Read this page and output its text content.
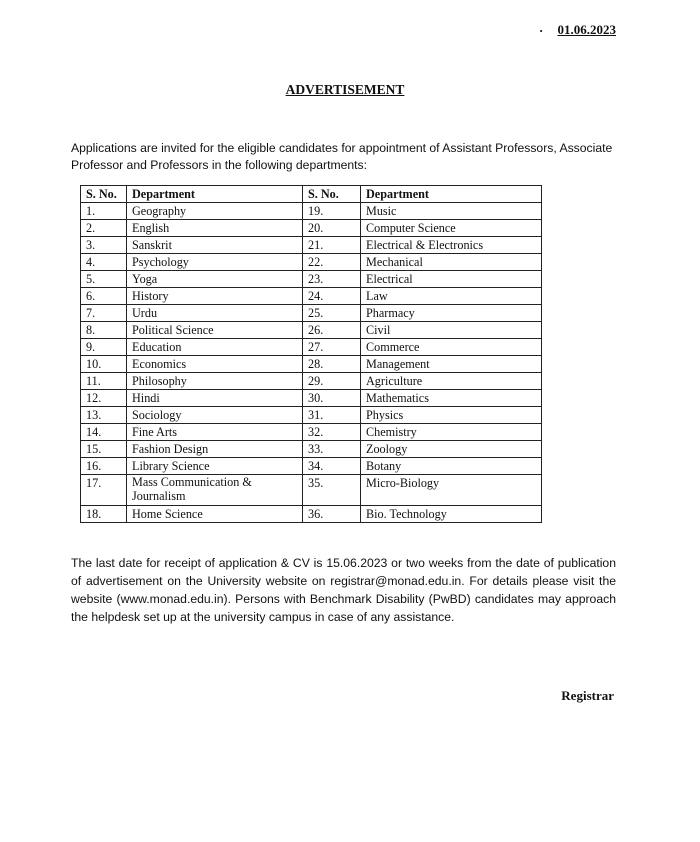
. 01.06.2023
ADVERTISEMENT

Applications are invited for the eligible candidates for appointment of Assistant Professors, Associate Professor and Professors in the following departments:

S. No.	Department	S. No.	Department
1.	Geography	19.	Music
2.	English	20.	Computer Science
3.	Sanskrit	21.	Electrical & Electronics
4.	Psychology	22.	Mechanical
5.	Yoga	23.	Electrical
6.	History	24.	Law
7.	Urdu	25.	Pharmacy
8.	Political Science	26.	Civil
9.	Education	27.	Commerce
10.	Economics	28.	Management
11.	Philosophy	29.	Agriculture
12.	Hindi	30.	Mathematics
13.	Sociology	31.	Physics
14.	Fine Arts	32.	Chemistry
15.	Fashion Design	33.	Zoology
16.	Library Science	34.	Botany
17.	Mass Communication & Journalism	35.	Micro-Biology
18.	Home Science	36.	Bio. Technology

The last date for receipt of application & CV is 15.06.2023 or two weeks from the date of publication of advertisement on the University website on registrar@monad.edu.in. For details please visit the website (www.monad.edu.in). Persons with Benchmark Disability (PwBD) candidates may approach the helpdesk set up at the university campus in case of any assistance.

Registrar
